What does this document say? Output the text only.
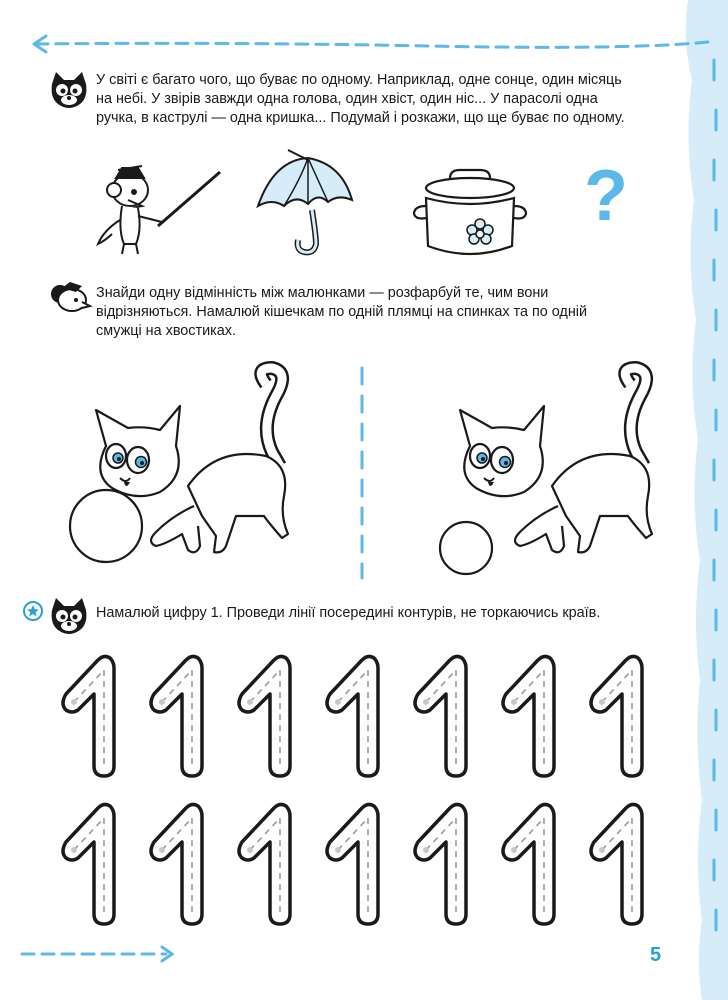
У світі є багато чого, що буває по одному. Наприклад, одне сонце, один місяць
на небі. У звірів завжди одна голова, один хвіст, один ніс... У парасолі одна
ручка, в каструлі — одна кришка... Подумай і розкажи, що ще буває по одному.
?
Знайди одну відмінність між малюнками — розфарбуй те, чим вони
відрізняються. Намалюй кішечкам по одній плямці на спинках та по одній
смужці на хвостиках.
Намалюй цифру 1. Проведи лінії посередині контурів, не торкаючись країв.
5
